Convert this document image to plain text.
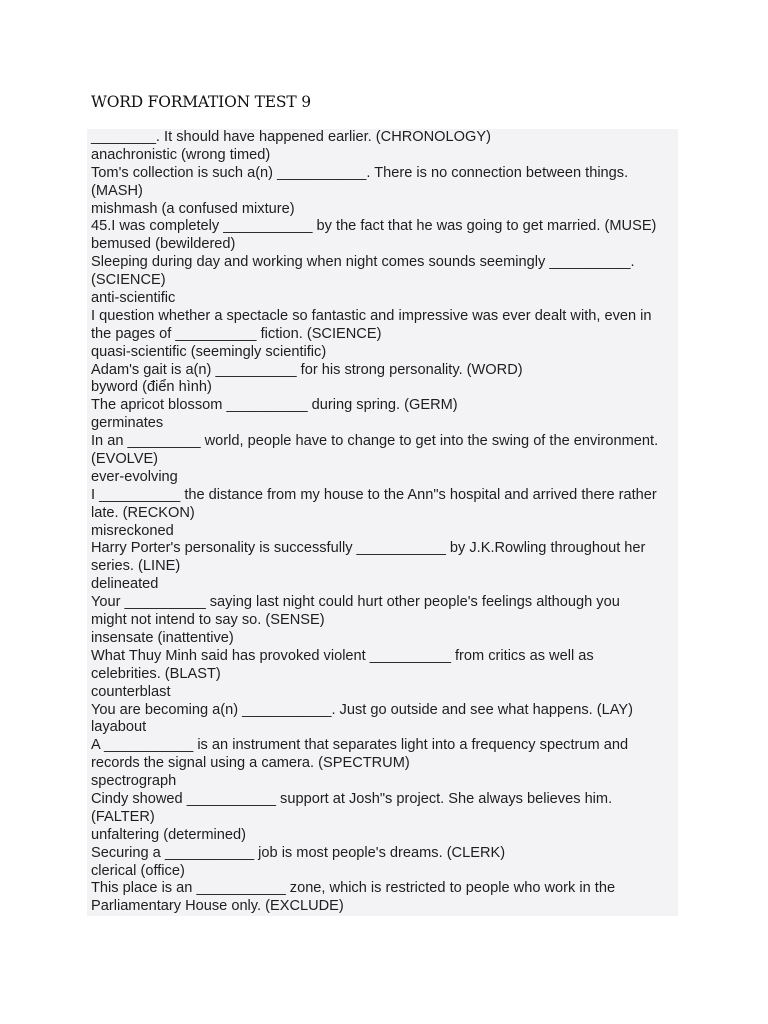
WORD FORMATION TEST 9
________. It should have happened earlier. (CHRONOLOGY)
anachronistic (wrong timed)
Tom's collection is such a(n) ___________. There is no connection between things.
(MASH)
mishmash (a confused mixture)
45.I was completely ___________ by the fact that he was going to get married. (MUSE)
bemused (bewildered)
Sleeping during day and working when night comes sounds seemingly __________.
(SCIENCE)
anti-scientific
I question whether a spectacle so fantastic and impressive was ever dealt with, even in
the pages of __________ fiction. (SCIENCE)
quasi-scientific (seemingly scientific)
Adam's gait is a(n) __________ for his strong personality. (WORD)
byword (điển hình)
The apricot blossom __________ during spring. (GERM)
germinates
In an _________ world, people have to change to get into the swing of the environment.
(EVOLVE)
ever-evolving
I __________ the distance from my house to the Ann"s hospital and arrived there rather
late. (RECKON)
misreckoned
Harry Porter's personality is successfully ___________ by J.K.Rowling throughout her
series. (LINE)
delineated
Your __________ saying last night could hurt other people's feelings although you
might not intend to say so. (SENSE)
insensate (inattentive)
What Thuy Minh said has provoked violent __________ from critics as well as
celebrities. (BLAST)
counterblast
You are becoming a(n) ___________. Just go outside and see what happens. (LAY)
layabout
A ___________ is an instrument that separates light into a frequency spectrum and
records the signal using a camera. (SPECTRUM)
spectrograph
Cindy showed ___________ support at Josh"s project. She always believes him.
(FALTER)
unfaltering (determined)
Securing a ___________ job is most people's dreams. (CLERK)
clerical (office)
This place is an ___________ zone, which is restricted to people who work in the
Parliamentary House only. (EXCLUDE)
